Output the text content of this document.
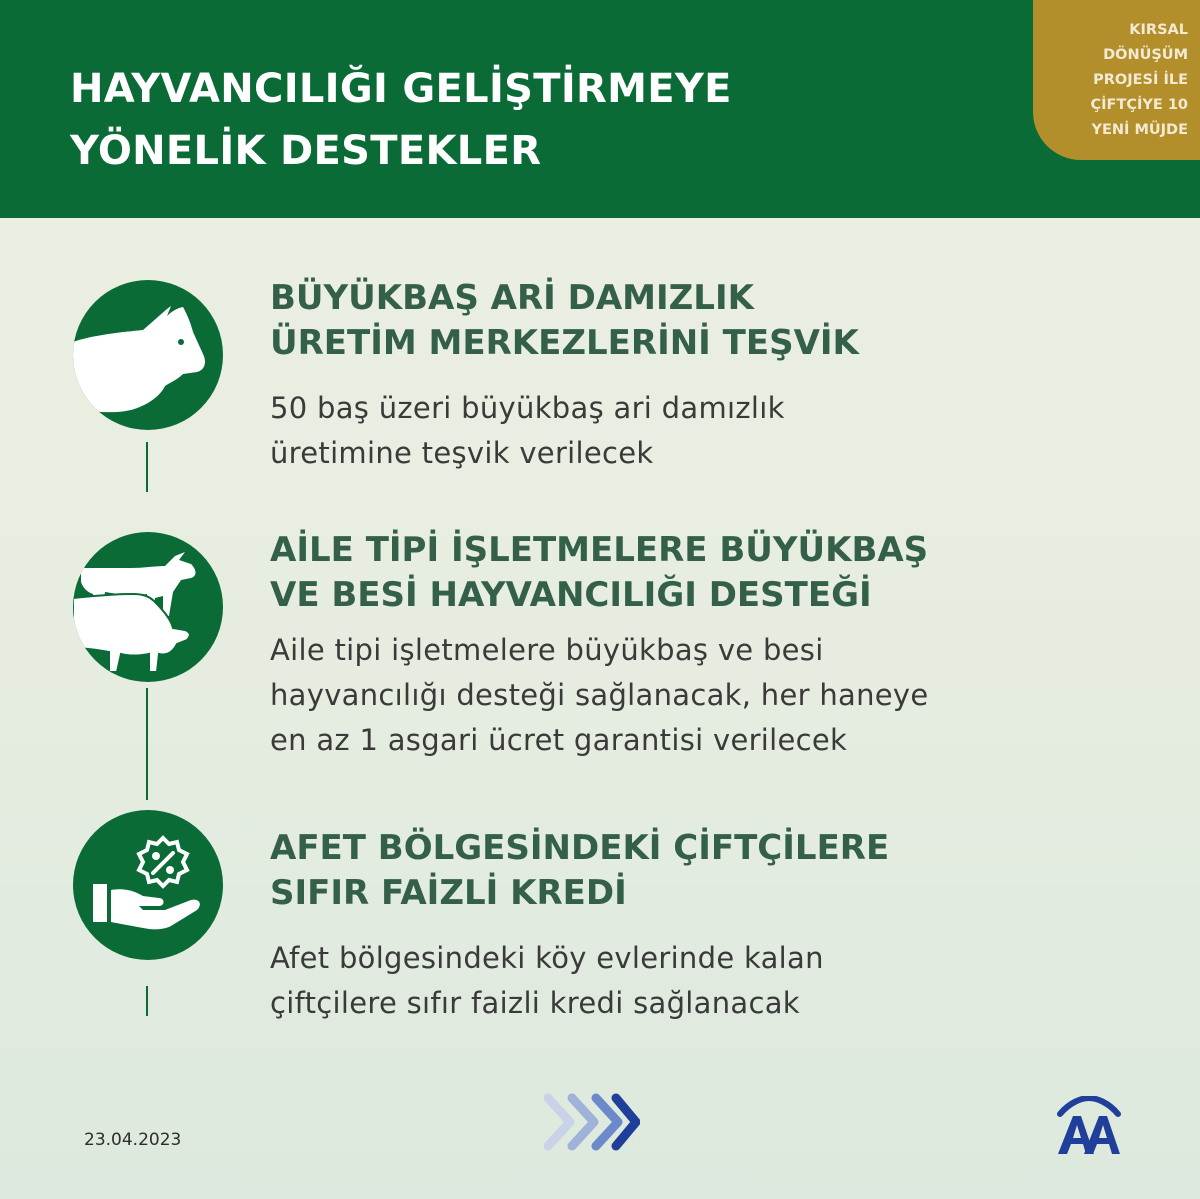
HAYVANCILIĞI GELİŞTİRMEYE
YÖNELİK DESTEKLER
KIRSAL
DÖNÜŞÜM
PROJESİ İLE
ÇİFTÇİYE 10
YENİ MÜJDE
BÜYÜKBAŞ ARİ DAMIZLIK
ÜRETİM MERKEZLERİNİ TEŞVİK
50 baş üzeri büyükbaş ari damızlık
üretimine teşvik verilecek
AİLE TİPİ İŞLETMELERE BÜYÜKBAŞ
VE BESİ HAYVANCILIĞI DESTEĞİ
Aile tipi işletmelere büyükbaş ve besi
hayvancılığı desteği sağlanacak, her haneye
en az 1 asgari ücret garantisi verilecek
AFET BÖLGESİNDEKİ ÇİFTÇİLERE
SIFIR FAİZLİ KREDİ
Afet bölgesindeki köy evlerinde kalan
çiftçilere sıfır faizli kredi sağlanacak
23.04.2023
